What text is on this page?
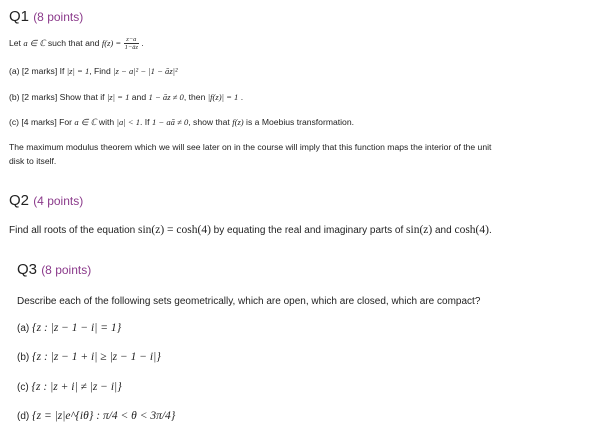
Q1 (8 points)
Let a ∈ ℂ such that and $f(z) = \frac{z-a}{1-āz}$ .
(a) [2 marks] If |z| = 1, Find |z − a|² − |1 − āz|²
(b) [2 marks] Show that if |z| = 1 and 1 − āz ≠ 0, then |f(z)| = 1 .
(c) [4 marks] For a ∈ ℂ with |a| < 1. If 1 − aā ≠ 0, show that f(z) is a Moebius transformation.
The maximum modulus theorem which we will see later on in the course will imply that this function maps the interior of the unit
disk to itself.
Q2 (4 points)
Find all roots of the equation sin(z) = cosh(4) by equating the real and imaginary parts of sin(z) and cosh(4).
Q3 (8 points)
Describe each of the following sets geometrically, which are open, which are closed, which are compact?
(a) {z : |z − 1 − i| = 1}
(b) {z : |z − 1 + i| ≥ |z − 1 − i|}
(c) {z : |z + i| ≠ |z − i|}
(d) {z = |z|e^{iθ} : π/4 < θ < 3π/4}
